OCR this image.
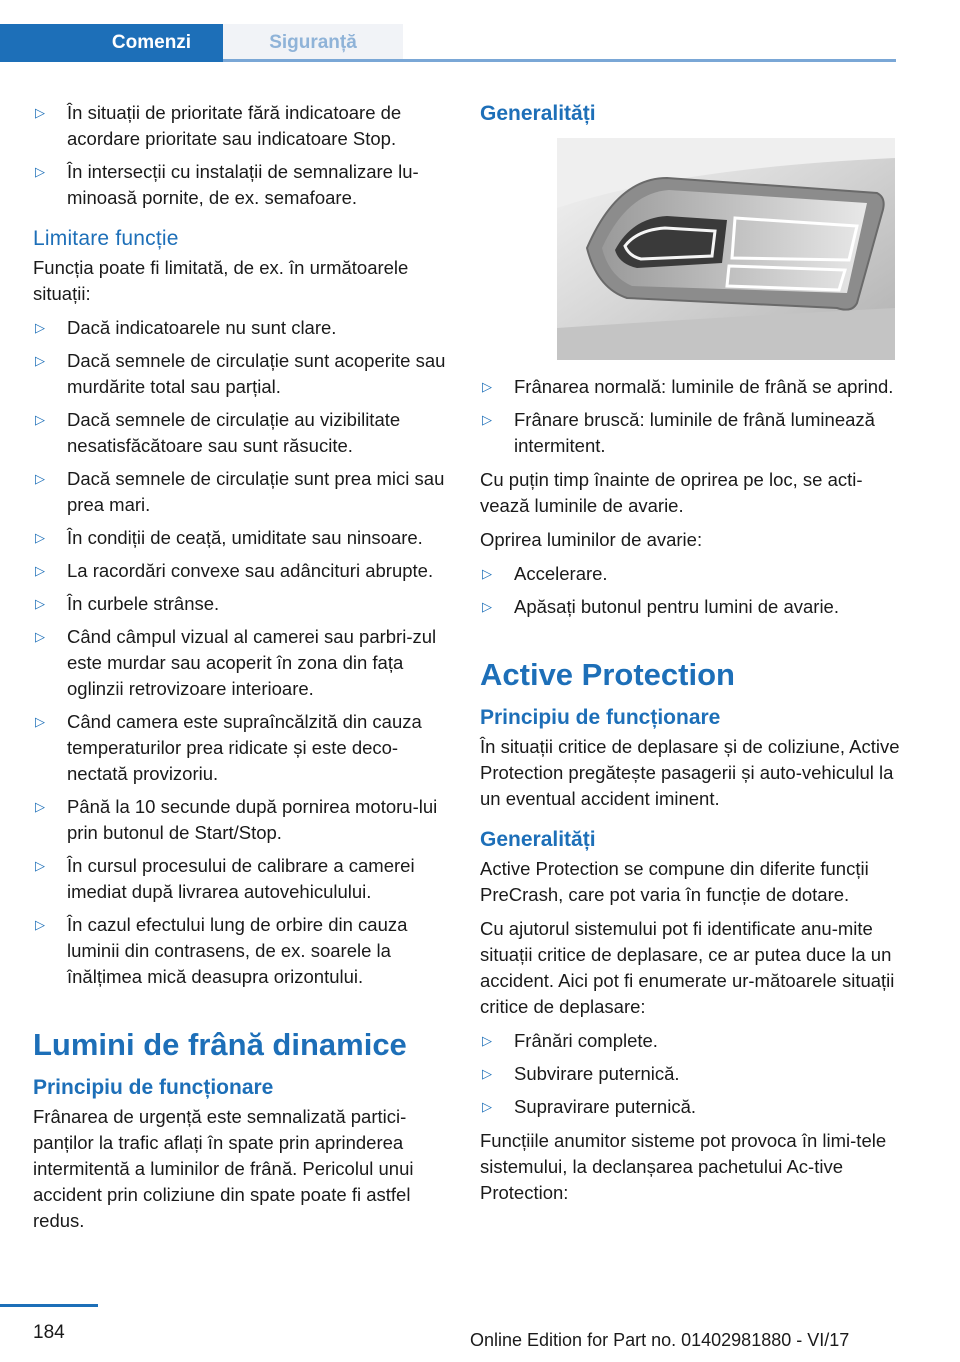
Comenzi	Siguranță
▷ În situații de prioritate fără indicatoare de acordare prioritate sau indicatoare Stop.
▷ În intersecții cu instalații de semnalizare lu‐minoasă pornite, de ex. semafoare.
Limitare funcție

Funcția poate fi limitată, de ex. în următoarele situații:

▷ Dacă indicatoarele nu sunt clare.
▷ Dacă semnele de circulație sunt acoperite sau murdărite total sau parțial.
▷ Dacă semnele de circulație au vizibilitate nesatisfăcătoare sau sunt răsucite.
▷ Dacă semnele de circulație sunt prea mici sau prea mari.
▷ În condiții de ceață, umiditate sau ninsoare.
▷ La racordări convexe sau adâncituri abrupte.
▷ În curbele strânse.
▷ Când câmpul vizual al camerei sau parbri‐zul este murdar sau acoperit în zona din fața oglinzii retrovizoare interioare.
▷ Când camera este supraîncălzită din cauza temperaturilor prea ridicate și este deco‐nectată provizoriu.
▷ Până la 10 secunde după pornirea motoru‐lui prin butonul de Start/Stop.
▷ În cursul procesului de calibrare a camerei imediat după livrarea autovehiculului.
▷ În cazul efectului lung de orbire din cauza luminii din contrasens, de ex. soarele la înălțimea mică deasupra orizontului.
Lumini de frână dinamice
Principiu de funcționare

Frânarea de urgență este semnalizată partici‐panților la trafic aflați în spate prin aprinderea intermitentă a luminilor de frână. Pericolul unui accident prin coliziune din spate poate fi astfel redus.

Generalități
▷ Frânarea normală: luminile de frână se aprind.
▷ Frânare bruscă: luminile de frână luminează intermitent.

Cu puțin timp înainte de oprirea pe loc, se acti‐vează luminile de avarie.

Oprirea luminilor de avarie:

▷ Accelerare.
▷ Apăsați butonul pentru lumini de avarie.
Active Protection
Principiu de funcționare

În situații critice de deplasare și de coliziune, Active Protection pregătește pasagerii și auto‐vehiculul la un eventual accident iminent.

Generalități

Active Protection se compune din diferite funcții PreCrash, care pot varia în funcție de dotare.

Cu ajutorul sistemului pot fi identificate anu‐mite situații critice de deplasare, ce ar putea duce la un accident. Aici pot fi enumerate ur‐mătoarele situații critice de deplasare:

▷ Frânări complete.
▷ Subvirare puternică.
▷ Supravirare puternică.

Funcțiile anumitor sisteme pot provoca în limi‐tele sistemului, la declanșarea pachetului Ac‐tive Protection:

184	Online Edition for Part no. 01402981880 - VI/17
